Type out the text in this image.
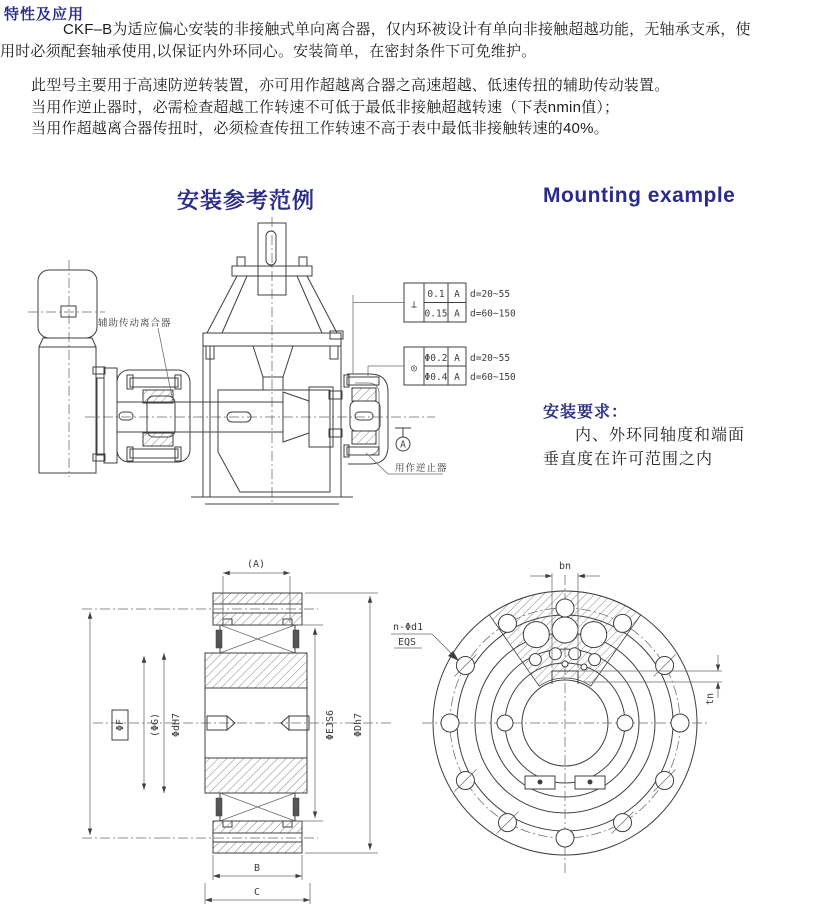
特性及应用
CKF–B为适应偏心安装的非接触式单向离合器，仅内环被设计有单向非接触超越功能，无轴承支承，使
用时必须配套轴承使用,以保证内外环同心。安装简单，在密封条件下可免维护。
此型号主要用于高速防逆转装置，亦可用作超越离合器之高速超越、低速传扭的辅助传动装置。
当用作逆止器时，必需检查超越工作转速不可低于最低非接触超越转速（下表nmin值）；
当用作超越离合器传扭时，必须检查传扭工作转速不高于表中最低非接触转速的40%。
安装参考范例	Mounting example
A
⊥
0.1 A
0.15 A
d=20~55
d=60~150
◎
Φ0.2 A
Φ0.4 A
d=20~55
d=60~150
辅助传动离合器
用作逆止器
安装要求：
内、外环同轴度和端面
垂直度在许可范围之内
(A)
ΦF (ΦG) ΦdH7	ΦEJS6 ΦDh7
B
C
bn
tn
n-Φd1
EQS
